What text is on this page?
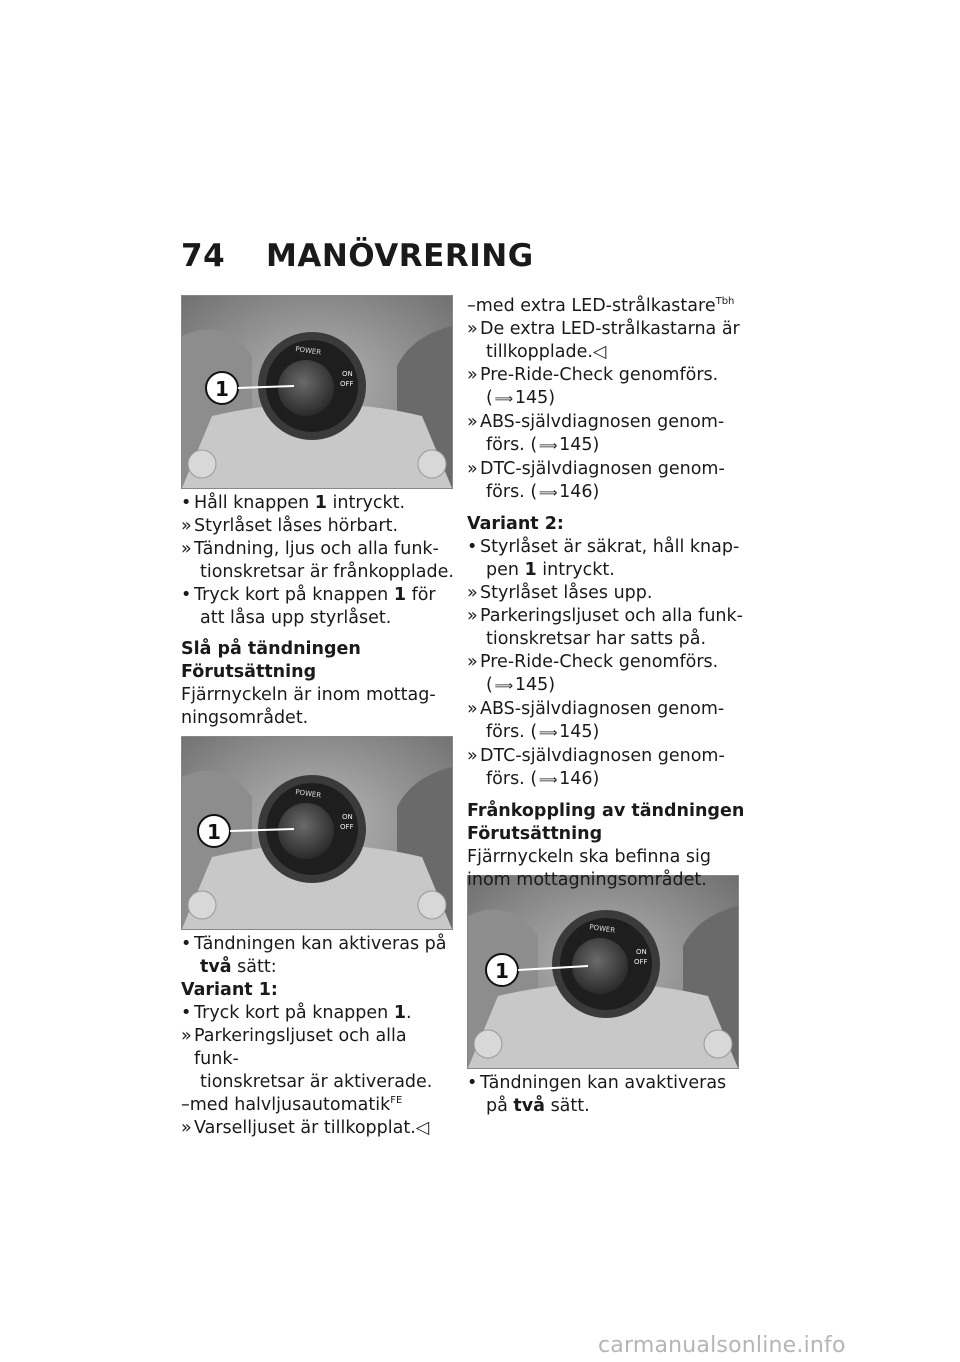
74 MANÖVRERING
POWER
ON
OFF
1
POWER
ON
OFF
1
POWER
ON
OFF
1

• Håll knappen 1 intryckt.

» Styrlåset låses hörbart.

» Tändning, ljus och alla funk-

tionskretsar är frånkopplade.

• Tryck kort på knappen 1 för

att låsa upp styrlåset.

Slå på tändningen

Förutsättning

Fjärrnyckeln är inom mottag-

ningsområdet.

• Tändningen kan aktiveras på

två sätt:

Variant 1:

• Tryck kort på knappen 1.

» Parkeringsljuset och alla funk-

tionskretsar är aktiverade.

–med halvljusautomatik$^{FE}$

» Varselljuset är tillkopplat.◁

–med extra LED-strålkastare$^{Tbh}$

» De extra LED-strålkastarna är

tillkopplade.◁

» Pre-Ride-Check genomförs.

( ⟹145)

» ABS-självdiagnosen genom-

förs. ( ⟹145)

» DTC-självdiagnosen genom-

förs. ( ⟹146)

Variant 2:

• Styrlåset är säkrat, håll knap-

pen 1 intryckt.

» Styrlåset låses upp.

» Parkeringsljuset och alla funk-

tionskretsar har satts på.

» Pre-Ride-Check genomförs.

( ⟹145)

» ABS-självdiagnosen genom-

förs. ( ⟹145)

» DTC-självdiagnosen genom-

förs. ( ⟹146)

Frånkoppling av tändningen

Förutsättning

Fjärrnyckeln ska befinna sig

inom mottagningsområdet.

• Tändningen kan avaktiveras

på två sätt.

carmanualsonline.info
